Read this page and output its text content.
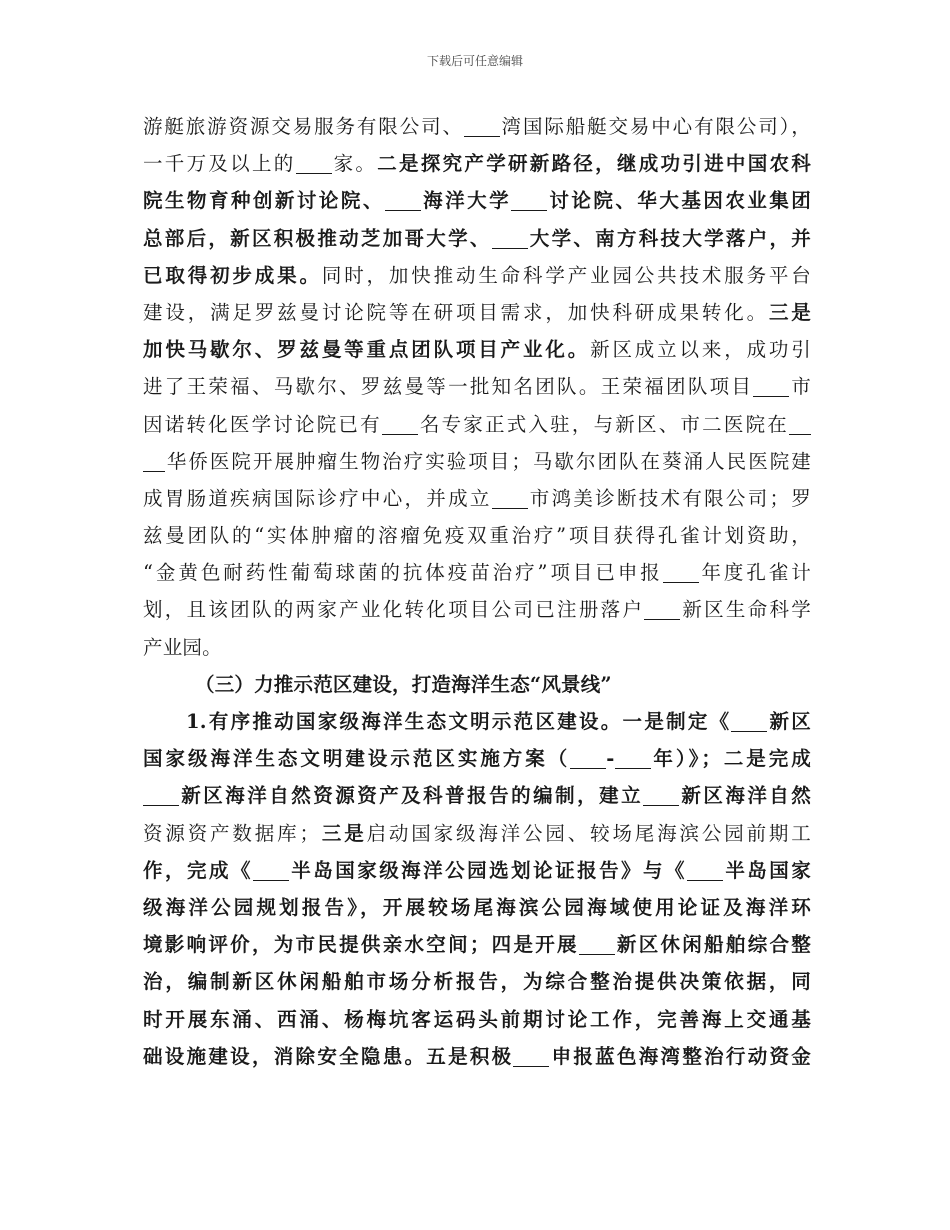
下载后可任意编辑
游艇旅游资源交易服务有限公司、 湾国际船艇交易中心有限公司），
一千万及以上的 家。二是探究产学研新路径，继成功引进中国农科
院生物育种创新讨论院、 海洋大学 讨论院、华大基因农业集团
总部后，新区积极推动芝加哥大学、 大学、南方科技大学落户，并
已取得初步成果。同时，加快推动生命科学产业园公共技术服务平台
建设，满足罗兹曼讨论院等在研项目需求，加快科研成果转化。三是
加快马歇尔、罗兹曼等重点团队项目产业化。新区成立以来，成功引
进了王荣福、马歇尔、罗兹曼等一批知名团队。王荣福团队项目 市
因诺转化医学讨论院已有 名专家正式入驻，与新区、市二医院在
华侨医院开展肿瘤生物治疗实验项目；马歇尔团队在葵涌人民医院建
成胃肠道疾病国际诊疗中心，并成立 市鸿美诊断技术有限公司；罗
兹曼团队的“实体肿瘤的溶瘤免疫双重治疗”项目获得孔雀计划资助，
“金黄色耐药性葡萄球菌的抗体疫苗治疗”项目已申报 年度孔雀计
划，且该团队的两家产业化转化项目公司已注册落户 新区生命科学
产业园。
（三）力推示范区建设，打造海洋生态“风景线”
1.有序推动国家级海洋生态文明示范区建设。一是制定《 新区
国家级海洋生态文明建设示范区实施方案（ - 年）》；二是完成
新区海洋自然资源资产及科普报告的编制，建立 新区海洋自然
资源资产数据库；三是启动国家级海洋公园、较场尾海滨公园前期工
作，完成《 半岛国家级海洋公园选划论证报告》与《 半岛国家
级海洋公园规划报告》，开展较场尾海滨公园海域使用论证及海洋环
境影响评价，为市民提供亲水空间；四是开展 新区休闲船舶综合整
治，编制新区休闲船舶市场分析报告，为综合整治提供决策依据，同
时开展东涌、西涌、杨梅坑客运码头前期讨论工作，完善海上交通基
础设施建设，消除安全隐患。五是积极 申报蓝色海湾整治行动资金
